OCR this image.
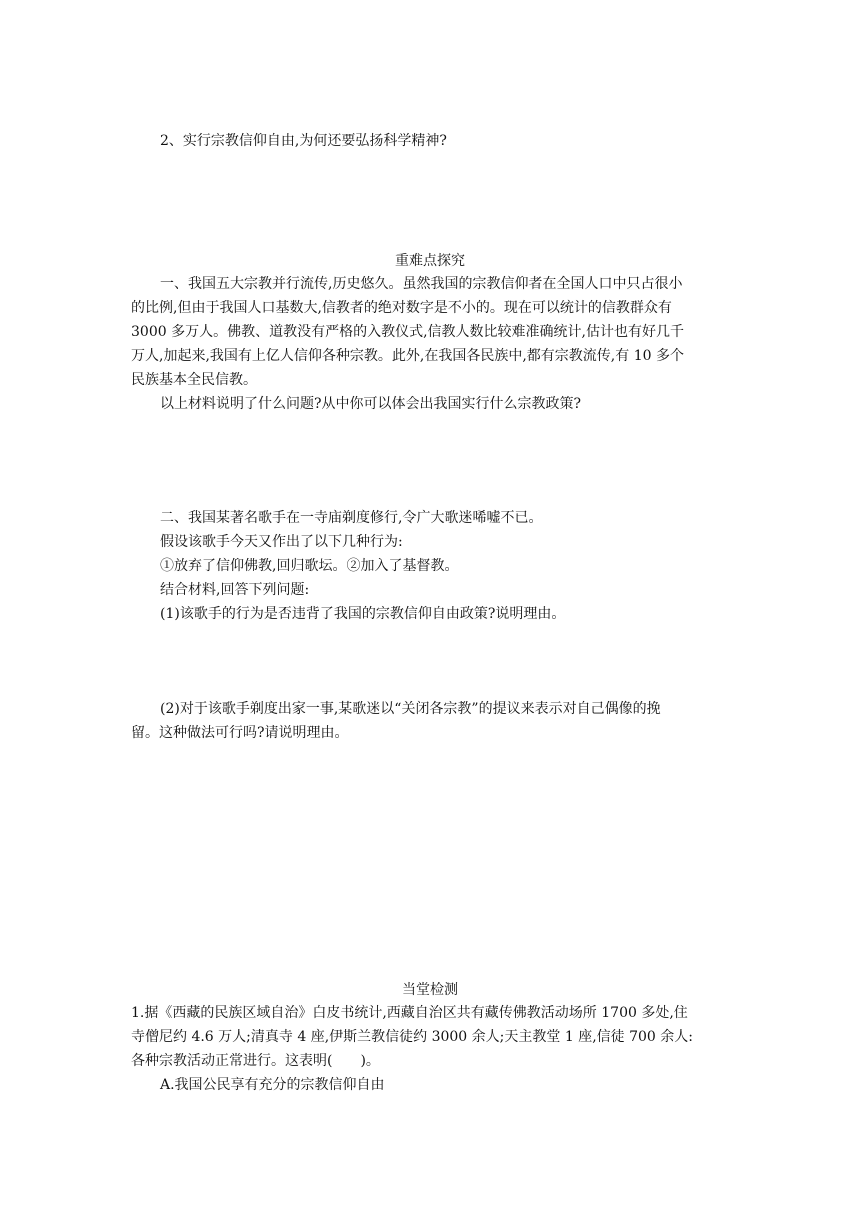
2、实行宗教信仰自由,为何还要弘扬科学精神?
重难点探究
一、我国五大宗教并行流传,历史悠久。虽然我国的宗教信仰者在全国人口中只占很小
的比例,但由于我国人口基数大,信教者的绝对数字是不小的。现在可以统计的信教群众有
3000 多万人。佛教、道教没有严格的入教仪式,信教人数比较难准确统计,估计也有好几千
万人,加起来,我国有上亿人信仰各种宗教。此外,在我国各民族中,都有宗教流传,有 10 多个
民族基本全民信教。
以上材料说明了什么问题?从中你可以体会出我国实行什么宗教政策?
二、我国某著名歌手在一寺庙剃度修行,令广大歌迷唏嘘不已。
假设该歌手今天又作出了以下几种行为:
①放弃了信仰佛教,回归歌坛。②加入了基督教。
结合材料,回答下列问题:
(1)该歌手的行为是否违背了我国的宗教信仰自由政策?说明理由。
(2)对于该歌手剃度出家一事,某歌迷以“关闭各宗教”的提议来表示对自己偶像的挽
留。这种做法可行吗?请说明理由。
当堂检测
1.据《西藏的民族区域自治》白皮书统计,西藏自治区共有藏传佛教活动场所 1700 多处,住
寺僧尼约 4.6 万人;清真寺 4 座,伊斯兰教信徒约 3000 余人;天主教堂 1 座,信徒 700 余人:
各种宗教活动正常进行。这表明(　　)。
A.我国公民享有充分的宗教信仰自由
